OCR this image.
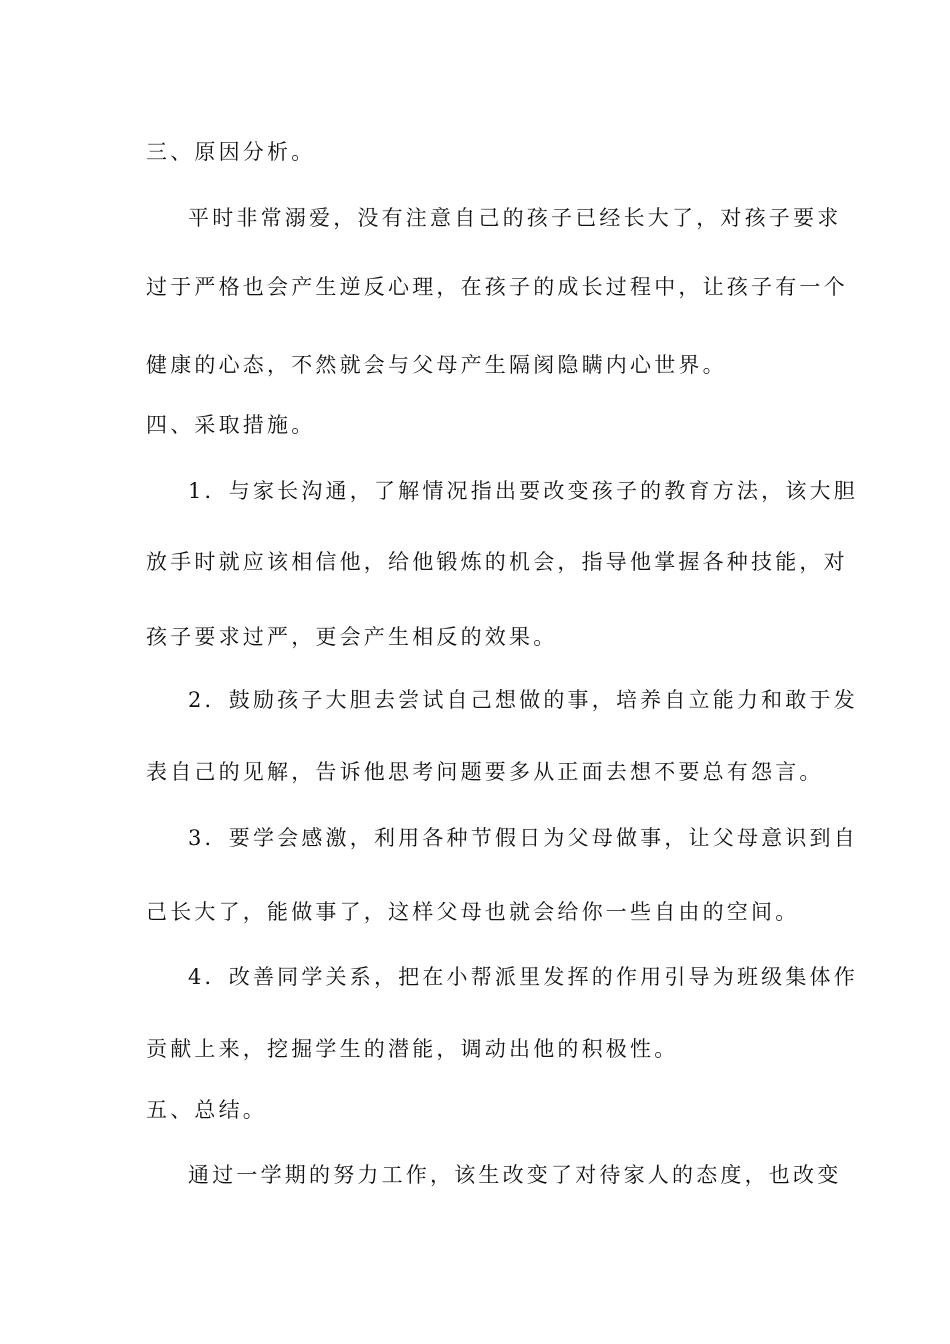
三、原因分析。
平时非常溺爱，没有注意自己的孩子已经长大了，对孩子要求
过于严格也会产生逆反心理，在孩子的成长过程中，让孩子有一个
健康的心态，不然就会与父母产生隔阂隐瞒内心世界。
四、采取措施。
1．与家长沟通，了解情况指出要改变孩子的教育方法，该大胆
放手时就应该相信他，给他锻炼的机会，指导他掌握各种技能，对
孩子要求过严，更会产生相反的效果。
2．鼓励孩子大胆去尝试自己想做的事，培养自立能力和敢于发
表自己的见解，告诉他思考问题要多从正面去想不要总有怨言。
3．要学会感激，利用各种节假日为父母做事，让父母意识到自
己长大了，能做事了，这样父母也就会给你一些自由的空间。
4．改善同学关系，把在小帮派里发挥的作用引导为班级集体作
贡献上来，挖掘学生的潜能，调动出他的积极性。
五、总结。
通过一学期的努力工作，该生改变了对待家人的态度，也改变
